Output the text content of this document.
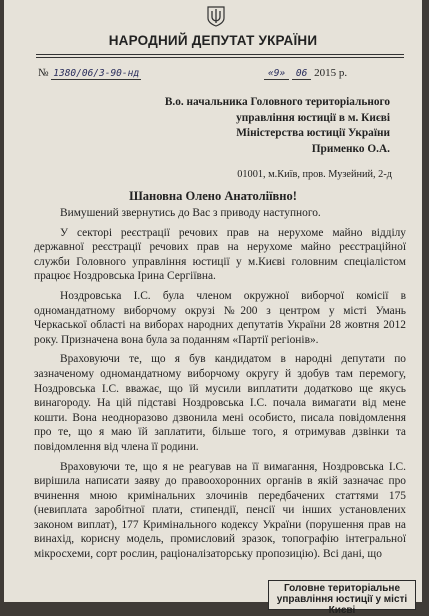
НАРОДНИЙ ДЕПУТАТ УКРАЇНИ
№ 1380/06/3-90-нд	«9» 06 2015 р.
В.о. начальника Головного територіального
управління юстиції в м. Києві
Міністерства юстиції України
Применко О.А.
01001, м.Київ, пров. Музейний, 2-д
Шановна Олено Анатоліївно!

Вимушений звернутись до Вас з приводу наступного.

У секторі реєстрації речових прав на нерухоме майно відділу державної реєстрації речових прав на нерухоме майно реєстраційної служби Головного управління юстиції у м.Києві головним спеціалістом працює Ноздровська Ірина Сергіївна.

Ноздровська І.С. була членом окружної виборчої комісії в одномандатному виборчому окрузі №200 з центром у місті Умань Черкаської області на виборах народних депутатів України 28 жовтня 2012 року. Призначена вона була за поданням «Партії регіонів».

Враховуючи те, що я був кандидатом в народні депутати по зазначеному одномандатному виборчому округу й здобув там перемогу, Ноздровська І.С. вважає, що їй мусили виплатити додатково ще якусь винагороду. На цій підставі Ноздровська І.С. почала вимагати від мене кошти. Вона неодноразово дзвонила мені особисто, писала повідомлення про те, що я маю їй заплатити, більше того, я отримував дзвінки та повідомлення від члена її родини.

Враховуючи те, що я не реагував на її вимагання, Ноздровська І.С. вирішила написати заяву до правоохоронних органів в якій зазначає про вчинення мною кримінальних злочинів передбачених статтями 175 (невиплата заробітної плати, стипендії, пенсії чи інших установлених законом виплат), 177 Кримінального кодексу України (порушення прав на винахід, корисну модель, промисловий зразок, топографію інтегральної мікросхеми, сорт рослин, раціоналізаторську пропозицію). Всі дані, що

Головне територіальне
управління юстиції у місті Києві
